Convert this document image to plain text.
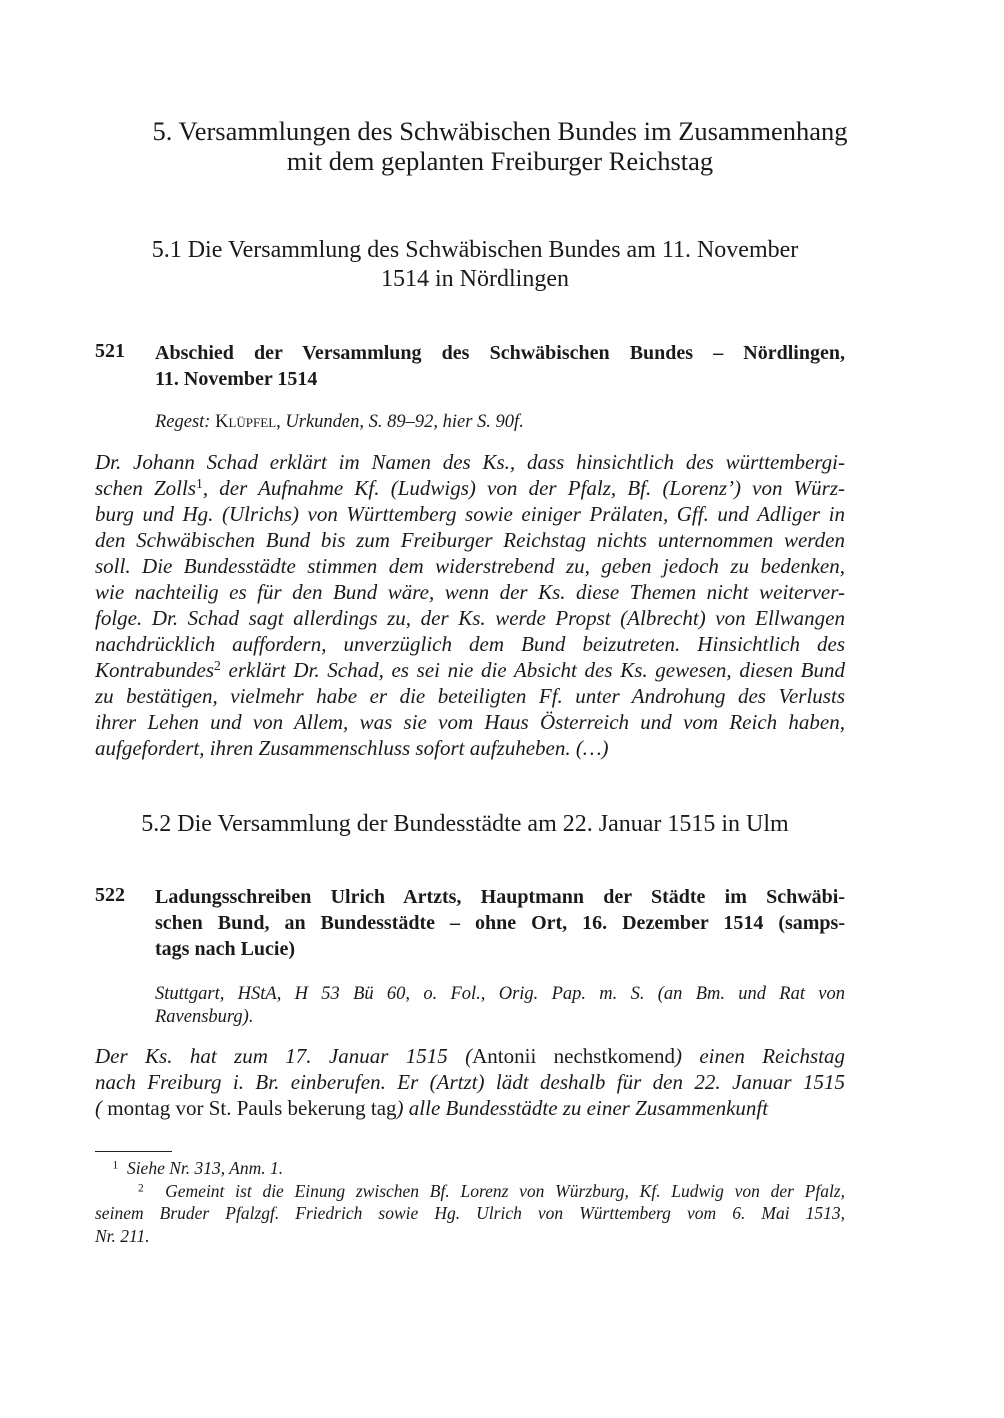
5. Versammlungen des Schwäbischen Bundes im Zusammenhang
mit dem geplanten Freiburger Reichstag
5.1 Die Versammlung des Schwäbischen Bundes am 11. November
1514 in Nördlingen
521 Abschied der Versammlung des Schwäbischen Bundes – Nördlingen,
11. November 1514
Regest: Klüpfel, Urkunden, S. 89–92, hier S. 90f.
Dr. Johann Schad erklärt im Namen des Ks., dass hinsichtlich des württembergi-
schen Zolls$^1$, der Aufnahme Kf. (Ludwigs) von der Pfalz, Bf. (Lorenz’) von Würz-
burg und Hg. (Ulrichs) von Württemberg sowie einiger Prälaten, Gff. und Adliger in
den Schwäbischen Bund bis zum Freiburger Reichstag nichts unternommen werden
soll. Die Bundesstädte stimmen dem widerstrebend zu, geben jedoch zu bedenken,
wie nachteilig es für den Bund wäre, wenn der Ks. diese Themen nicht weiterver-
folge. Dr. Schad sagt allerdings zu, der Ks. werde Propst (Albrecht) von Ellwangen
nachdrücklich auffordern, unverzüglich dem Bund beizutreten. Hinsichtlich des
Kontrabundes$^2$ erklärt Dr. Schad, es sei nie die Absicht des Ks. gewesen, diesen Bund
zu bestätigen, vielmehr habe er die beteiligten Ff. unter Androhung des Verlusts
ihrer Lehen und von Allem, was sie vom Haus Österreich und vom Reich haben,
aufgefordert, ihren Zusammenschluss sofort aufzuheben. (…)
5.2 Die Versammlung der Bundesstädte am 22. Januar 1515 in Ulm
522 Ladungsschreiben Ulrich Artzts, Hauptmann der Städte im Schwäbi-
schen Bund, an Bundesstädte – ohne Ort, 16. Dezember 1514 (samps-
tags nach Lucie)
Stuttgart, HStA, H 53 Bü 60, o. Fol., Orig. Pap. m. S. (an Bm. und Rat von
Ravensburg).
Der Ks. hat zum 17. Januar 1515 (Antonii nechstkomend) einen Reichstag
nach Freiburg i. Br. einberufen. Er (Artzt) lädt deshalb für den 22. Januar 1515
( montag vor St. Pauls bekerung tag) alle Bundesstädte zu einer Zusammenkunft
$^1$  Siehe Nr. 313, Anm. 1.
$^2$  Gemeint ist die Einung zwischen Bf. Lorenz von Würzburg, Kf. Ludwig von der Pfalz,
seinem Bruder Pfalzgf. Friedrich sowie Hg. Ulrich von Württemberg vom 6. Mai 1513,
Nr. 211.
